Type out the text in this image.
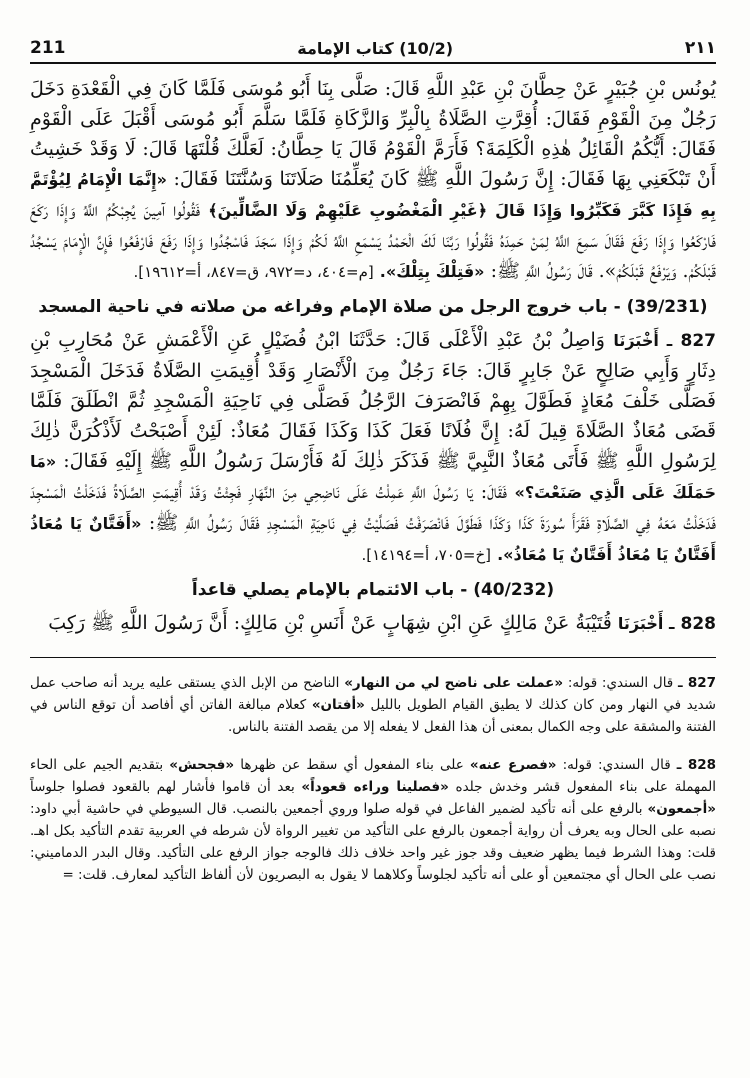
٢١١
(10/2) كتاب الإمامة
211

يُونُس بْنِ جُبَيْرٍ عَنْ حِطَّانَ بْنِ عَبْدِ اللَّهِ قَالَ: صَلَّى بِنَا أَبُو مُوسَى فَلَمَّا كَانَ فِي الْقَعْدَةِ دَخَلَ رَجُلٌ مِنَ الْقَوْمِ فَقَالَ: أُقِرَّتِ الصَّلَاةُ بِالْبِرِّ وَالزَّكَاةِ فَلَمَّا سَلَّمَ أَبُو مُوسَى أَقْبَلَ عَلَى الْقَوْمِ فَقَالَ: أَيُّكُمُ الْقَائِلُ هٰذِهِ الْكَلِمَةَ؟ فَأَرَمَّ الْقَوْمُ قَالَ يَا حِطَّانُ: لَعَلَّكَ قُلْتَهَا قَالَ: لَا وَقَدْ خَشِيتُ أَنْ تَبْكَعَنِي بِهَا فَقَالَ: إِنَّ رَسُولَ اللَّهِ ﷺ كَانَ يُعَلِّمُنَا صَلَاتَنَا وَسُنَّتَنَا فَقَالَ: «إِنَّمَا الْإِمَامُ لِيُؤْتَمَّ بِهِ فَإِذَا كَبَّرَ فَكَبِّرُوا وَإِذَا قَالَ ﴿غَيْرِ الْمَغْضُوبِ عَلَيْهِمْ وَلَا الضَّالِّينَ﴾ فَقُولُوا آمِينَ يُجِبْكُمُ اللَّهُ وَإِذَا رَكَعَ فَارْكَعُوا وَإِذَا رَفَعَ فَقَالَ سَمِعَ اللَّهُ لِمَنْ حَمِدَهُ فَقُولُوا رَبَّنَا لَكَ الْحَمْدُ يَسْمَعِ اللَّهُ لَكُمْ وَإِذَا سَجَدَ فَاسْجُدُوا وَإِذَا رَفَعَ فَارْفَعُوا فَإِنَّ الْإِمَامَ يَسْجُدُ قَبْلَكُمْ. وَيَرْفَعُ قَبْلَكُمْ». قَالَ رَسُولُ اللَّهِ ﷺ: «فَتِلْكَ بِتِلْكَ». [م=٤٠٤، د=٩٧٢، ق=٨٤٧، أ=١٩٦١٢].

(39/231) - باب خروج الرجل من صلاة الإمام وفراغه من صلاته في ناحية المسجد

827 ـ أَخْبَرَنَا وَاصِلُ بْنُ عَبْدِ الْأَعْلَى قَالَ: حَدَّثَنَا ابْنُ فُضَيْلٍ عَنِ الْأَعْمَشِ عَنْ مُحَارِبِ بْنِ دِثَارٍ وَأَبِي صَالِحٍ عَنْ جَابِرٍ قَالَ: جَاءَ رَجُلٌ مِنَ الْأَنْصَارِ وَقَدْ أُقِيمَتِ الصَّلَاةُ فَدَخَلَ الْمَسْجِدَ فَصَلَّى خَلْفَ مُعَاذٍ فَطَوَّلَ بِهِمْ فَانْصَرَفَ الرَّجُلُ فَصَلَّى فِي نَاحِيَةِ الْمَسْجِدِ ثُمَّ انْطَلَقَ فَلَمَّا قَضَى مُعَاذٌ الصَّلَاةَ قِيلَ لَهُ: إِنَّ فُلَانًا فَعَلَ كَذَا وَكَذَا فَقَالَ مُعَاذٌ: لَئِنْ أَصْبَحْتُ لَأَذْكُرَنَّ ذٰلِكَ لِرَسُولِ اللَّهِ ﷺ فَأَتَى مُعَاذٌ النَّبِيَّ ﷺ فَذَكَرَ ذٰلِكَ لَهُ فَأَرْسَلَ رَسُولُ اللَّهِ ﷺ إِلَيْهِ فَقَالَ: «مَا حَمَلَكَ عَلَى الَّذِي صَنَعْتَ؟» فَقَالَ: يَا رَسُولَ اللَّهِ عَمِلْتُ عَلَى نَاضِحِي مِنَ النَّهَارِ فَجِئْتُ وَقَدْ أُقِيمَتِ الصَّلَاةُ فَدَخَلْتُ الْمَسْجِدَ فَدَخَلْتُ مَعَهُ فِي الصَّلَاةِ فَقَرَأَ سُورَةَ كَذَا وَكَذَا فَطَوَّلَ فَانْصَرَفْتُ فَصَلَّيْتُ فِي نَاحِيَةِ الْمَسْجِدِ فَقَالَ رَسُولُ اللَّهِ ﷺ: «أَفَتَّانٌ يَا مُعَاذُ أَفَتَّانٌ يَا مُعَاذُ أَفَتَّانٌ يَا مُعَاذُ». [خ=٧٠٥، أ=١٤١٩٤].

(40/232) - باب الائتمام بالإمام يصلي قاعداً

828 ـ أَخْبَرَنَا قُتَيْبَةُ عَنْ مَالِكٍ عَنِ ابْنِ شِهَابٍ عَنْ أَنَسِ بْنِ مَالِكٍ: أَنَّ رَسُولَ اللَّهِ ﷺ رَكِبَ

827 ـ قال السندي: قوله: «عملت على ناضح لي من النهار» الناضح من الإبل الذي يستقى عليه يريد أنه صاحب عمل شديد في النهار ومن كان كذلك لا يطيق القيام الطويل بالليل «أفتان» كعلام مبالغة الفاتن أي أفاصد أن توقع الناس في الفتنة والمشقة على وجه الكمال بمعنى أن هذا الفعل لا يفعله إلا من يقصد الفتنة بالناس.

828 ـ قال السندي: قوله: «فصرع عنه» على بناء المفعول أي سقط عن ظهرها «فجحش» بتقديم الجيم على الحاء المهملة على بناء المفعول قشر وخدش جلده «فصلينا وراءه قعوداً» بعد أن قاموا فأشار لهم بالقعود فصلوا جلوساً «أجمعون» بالرفع على أنه تأكيد لضمير الفاعل في قوله صلوا وروي أجمعين بالنصب. قال السيوطي في حاشية أبي داود: نصبه على الحال وبه يعرف أن رواية أجمعون بالرفع على التأكيد من تغيير الرواة لأن شرطه في العربية تقدم التأكيد بكل اهـ. قلت: وهذا الشرط فيما يظهر ضعيف وقد جوز غير واحد خلاف ذلك فالوجه جواز الرفع على التأكيد. وقال البدر الدماميني: نصب على الحال أي مجتمعين أو على أنه تأكيد لجلوساً وكلاهما لا يقول به البصريون لأن ألفاظ التأكيد لمعارف. قلت: =
